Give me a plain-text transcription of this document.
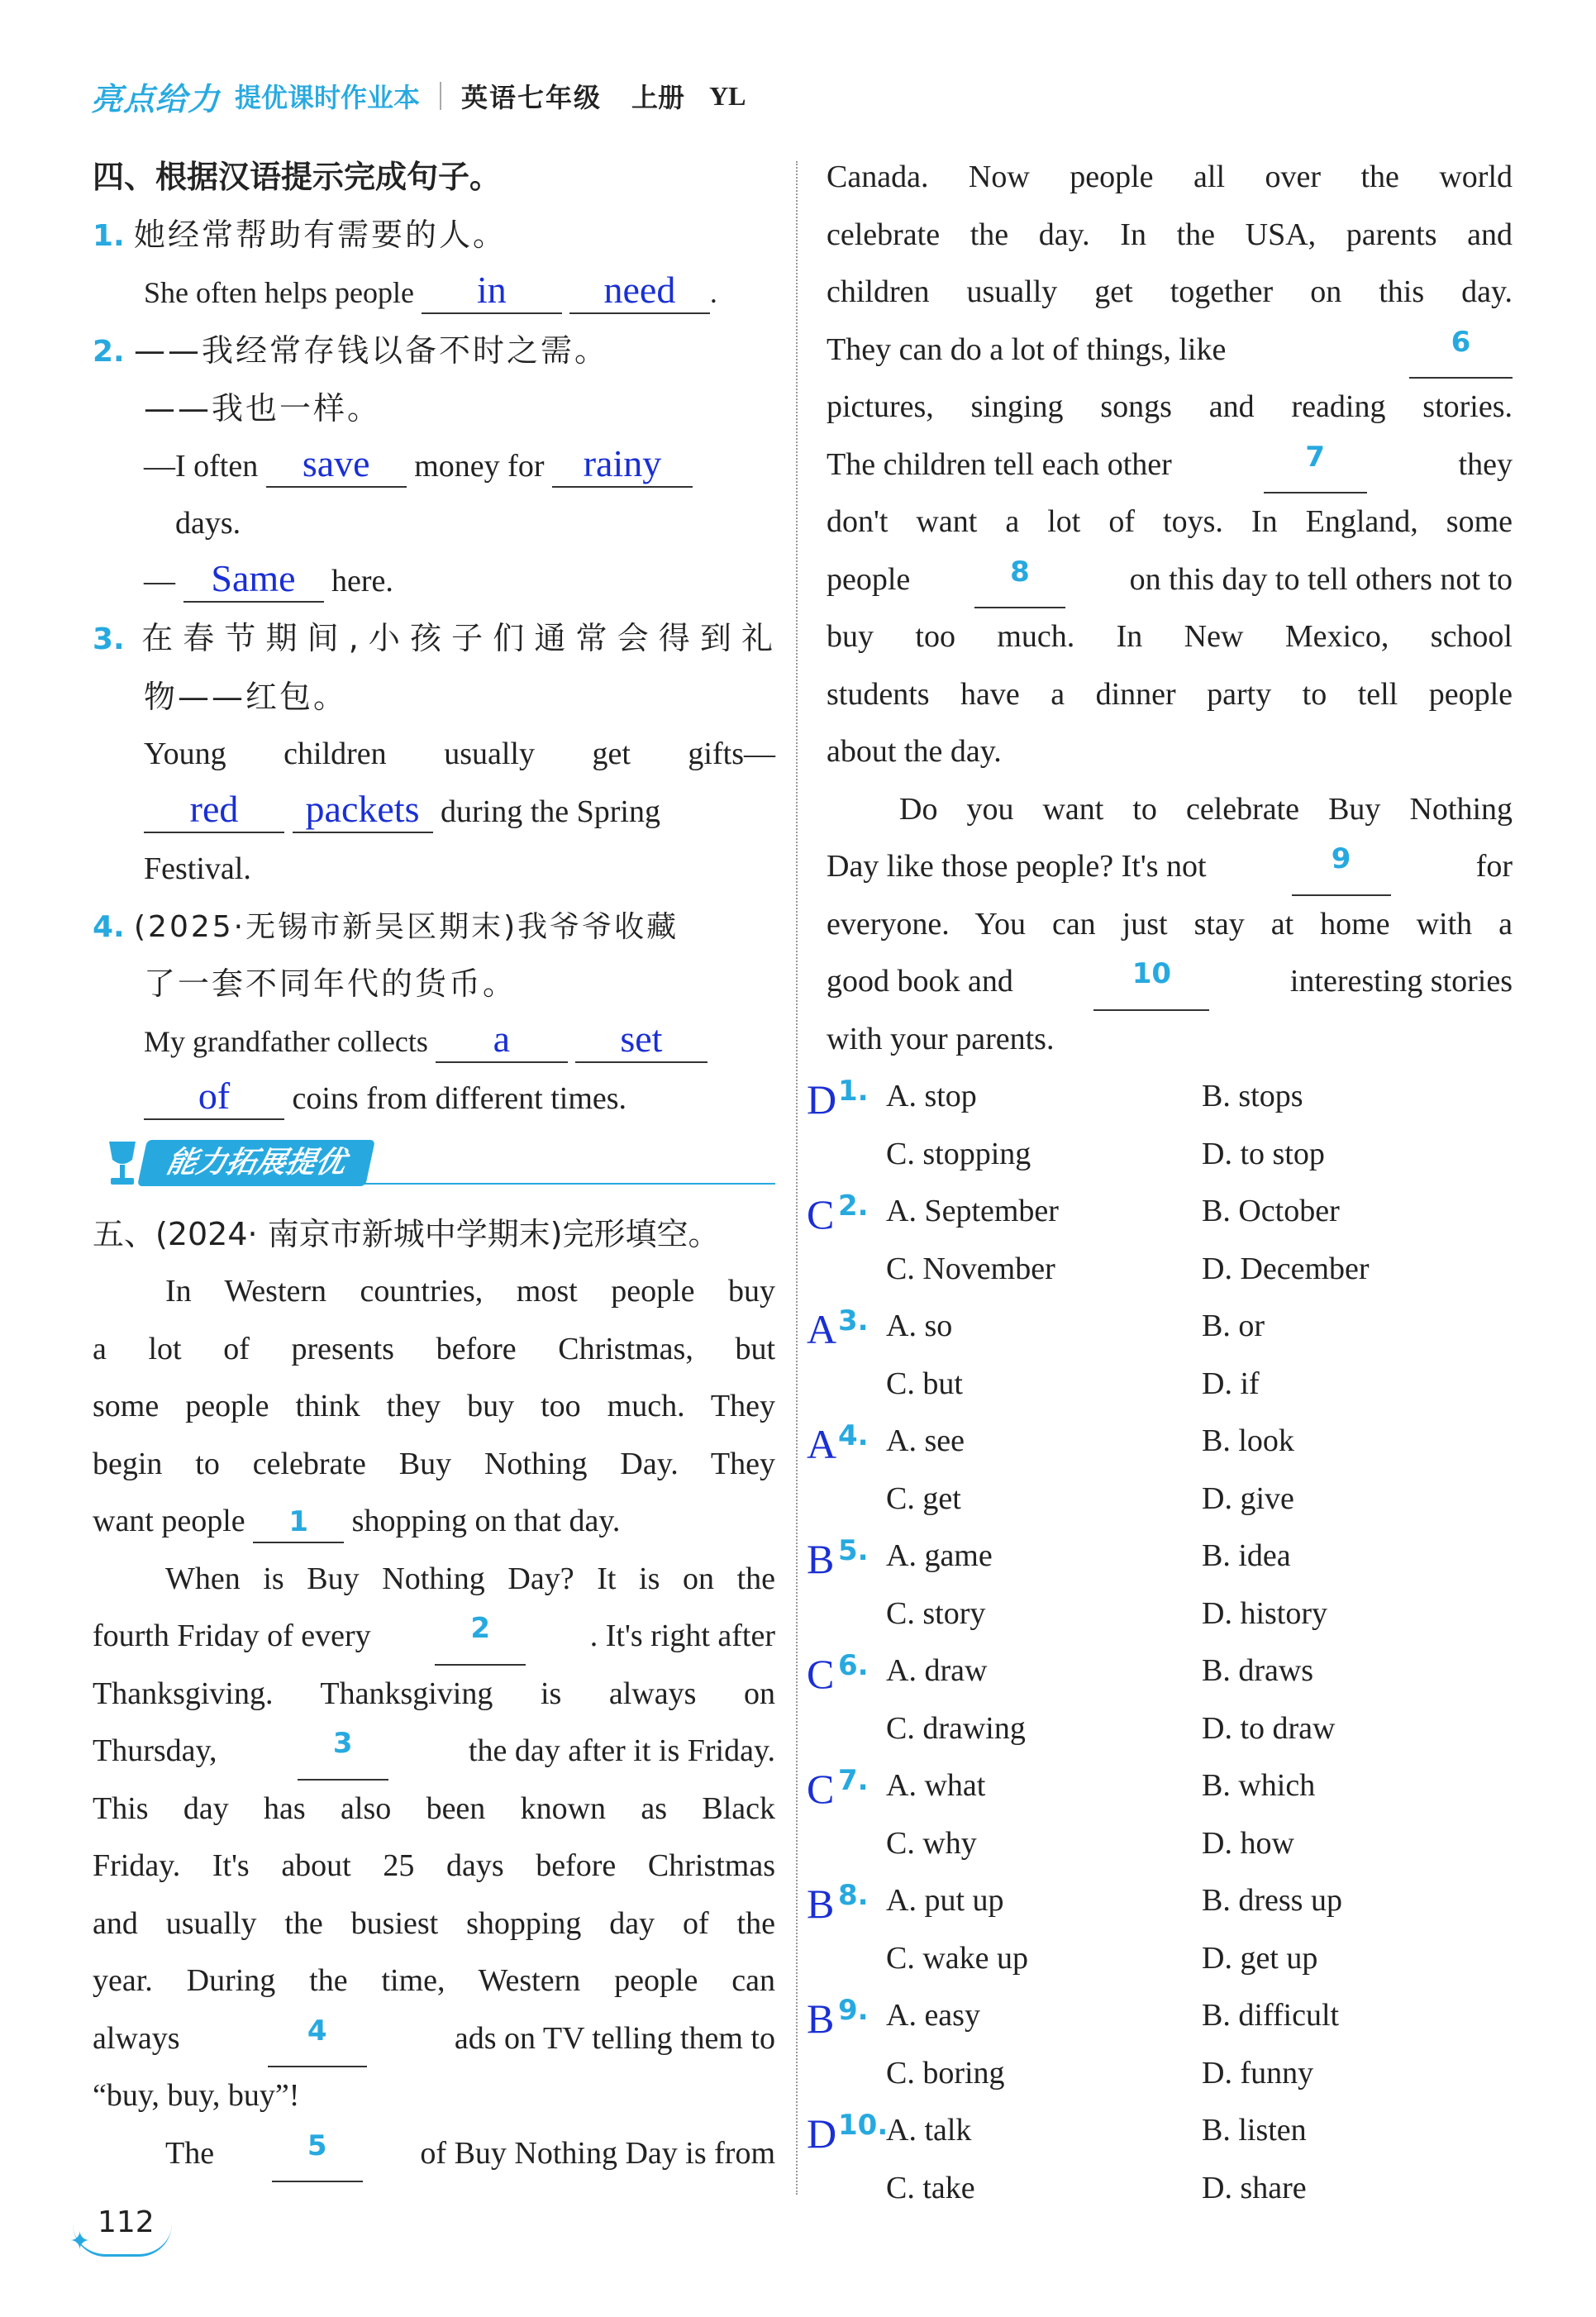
亮点给力 提优课时作业本 英语七年级 上册 YL
四、根据汉语提示完成句子。
1. 她经常帮助有需要的人。
She often helps people in	need .
2. ——我经常存钱以备不时之需。
——我也一样。
—I often save money for rainy
days.
— Same here.
3. 在春节期间,小孩子们通常会得到礼
物——红包。
Young children usually get gifts—
red packets during the Spring
Festival.
4. (2025·无锡市新吴区期末)我爷爷收藏
了一套不同年代的货币。
My grandfather collects a	set
of coins from different times.
能力拓展提优
五、(2024· 南京市新城中学期末)完形填空。
In Western countries, most people buy
a lot of presents before Christmas, but
some people think they buy too much. They
begin to celebrate Buy Nothing Day. They
want people 1 shopping on that day.
When is Buy Nothing Day? It is on the
fourth Friday of every	2	. It's right after
Thanksgiving. Thanksgiving is always on
Thursday,	3	the day after it is Friday.
This day has also been known as Black
Friday. It's about 25 days before Christmas
and usually the busiest shopping day of the
year. During the time, Western people can
always	4	ads on TV telling them to
“buy, buy, buy”!
The	5	of Buy Nothing Day is from
Canada. Now people all over the world
celebrate the day. In the USA, parents and
children usually get together on this day.
They can do a lot of things, like	6
pictures, singing songs and reading stories.
The children tell each other	7	they
don't want a lot of toys. In England, some
people	8	on this day to tell others not to
buy too much. In New Mexico, school
students have a dinner party to tell people
about the day.
Do you want to celebrate Buy Nothing
Day like those people? It's not	9	for
everyone. You can just stay at home with a
good book and	10	interesting stories
with your parents.
D 1. A. stop	B. stops
C. stopping	D. to stop
C 2. A. September	B. October
C. November	D. December
A 3. A. so	B. or
C. but	D. if
A 4. A. see	B. look
C. get	D. give
B 5. A. game	B. idea
C. story	D. history
C 6. A. draw	B. draws
C. drawing	D. to draw
C 7. A. what	B. which
C. why	D. how
B 8. A. put up	B. dress up
C. wake up	D. get up
B 9. A. easy	B. difficult
C. boring	D. funny
D 10.
A. talk	B. listen
C. take	D. share
✦
112
